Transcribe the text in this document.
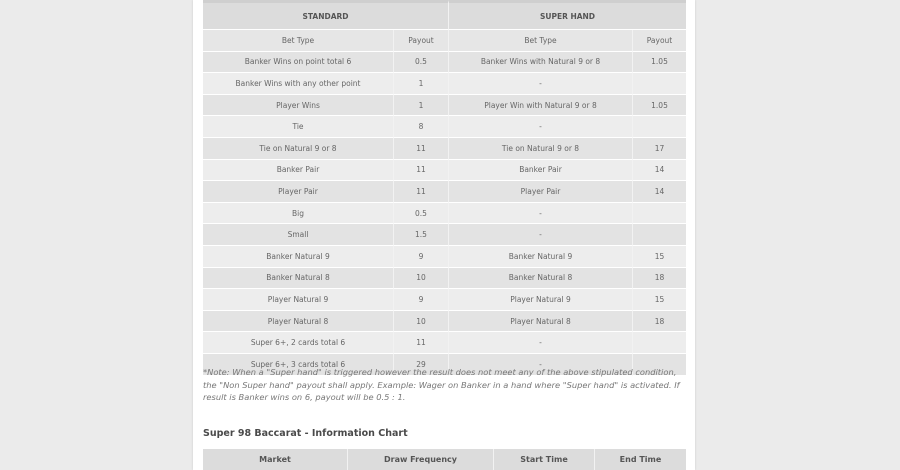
STANDARD		SUPER HAND	
Bet Type	Payout	Bet Type	Payout
Banker Wins on point total 6	0.5	Banker Wins with Natural 9 or 8	1.05
Banker Wins with any other point	1	-	
Player Wins	1	Player Win with Natural 9 or 8	1.05
Tie	8	-	
Tie on Natural 9 or 8	11	Tie on Natural 9 or 8	17
Banker Pair	11	Banker Pair	14
Player Pair	11	Player Pair	14
Big	0.5	-	
Small	1.5	-	
Banker Natural 9	9	Banker Natural 9	15
Banker Natural 8	10	Banker Natural 8	18
Player Natural 9	9	Player Natural 9	15
Player Natural 8	10	Player Natural 8	18
Super 6+, 2 cards total 6	11	-	
Super 6+, 3 cards total 6	29	-	

*Note: When a "Super hand" is triggered however the result does not meet any of the above stipulated condition, the "Non Super hand" payout shall apply. Example: Wager on Banker in a hand where "Super hand" is activated. If result is Banker wins on 6, payout will be 0.5 : 1.

Super 98 Baccarat - Information Chart
Market	Draw Frequency	Start Time	End Time
